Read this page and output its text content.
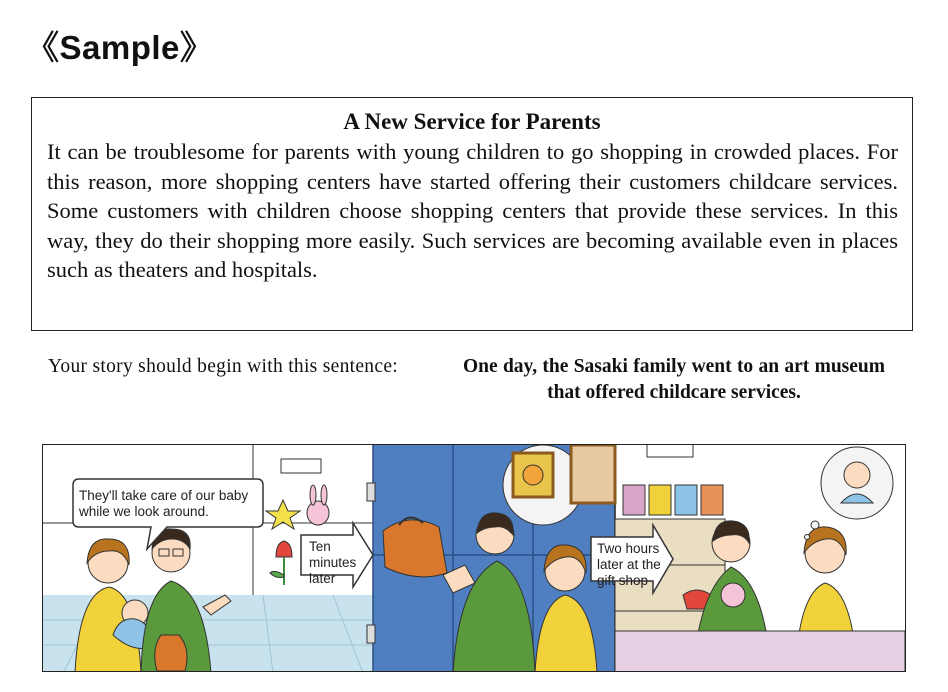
《Sample》
A New Service for Parents
It can be troublesome for parents with young children to go shopping in crowded places. For this reason, more shopping centers have started offering their customers childcare services. Some customers with children choose shopping centers that provide these services. In this way, they do their shopping more easily. Such services are becoming available even in places such as theaters and hospitals.
Your story should begin with this sentence:	One day, the Sasaki family went to an art museum that offered childcare services.
They'll take care of our baby while we look around.
Ten
minutes
later
Two hours
later at the
gift shop
